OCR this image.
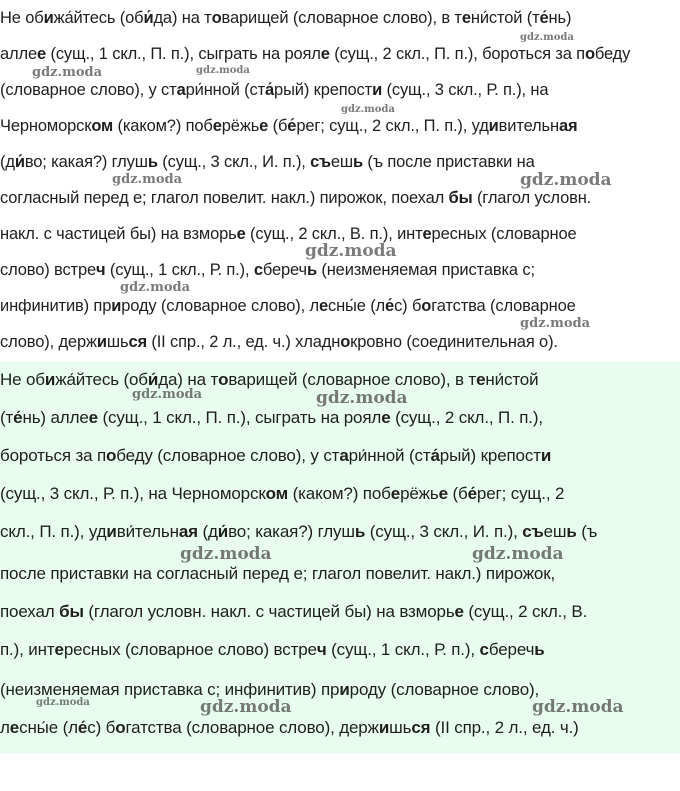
Не обижа́йтесь (оби́да) на товарищей (словарное слово), в тени́стой (те́нь)
аллее (сущ., 1 скл., П. п.), сыграть на рояле (сущ., 2 скл., П. п.), бороться за победу
(словарное слово), у стари́нной (ста́рый) крепости (сущ., 3 скл., Р. п.), на
Черноморском (каком?) поберёжье (бе́рег; сущ., 2 скл., П. п.), удивительная
(ди́во; какая?) глушь (сущ., 3 скл., И. п.), съешь (ъ после приставки на
согласный перед е; глагол повелит. накл.) пирожок, поехал бы (глагол условн.
накл. с частицей бы) на взморье (сущ., 2 скл., В. п.), интересных (словарное
слово) встреч (сущ., 1 скл., Р. п.), сберечь (неизменяемая приставка с;
инфинитив) природу (словарное слово), лесны́е (ле́с) богатства (словарное
слово), держишься (II спр., 2 л., ед. ч.) хладнокровно (соединительная о).
Не обижа́йтесь (оби́да) на товарищей (словарное слово), в тени́стой
(те́нь) аллее (сущ., 1 скл., П. п.), сыграть на рояле (сущ., 2 скл., П. п.),
бороться за победу (словарное слово), у стари́нной (ста́рый) крепости
(сущ., 3 скл., Р. п.), на Черноморском (каком?) поберёжье (бе́рег; сущ., 2
скл., П. п.), удиви́тельная (ди́во; какая?) глушь (сущ., 3 скл., И. п.), съешь (ъ
после приставки на согласный перед е; глагол повелит. накл.) пирожок,
поехал бы (глагол условн. накл. с частицей бы) на взморье (сущ., 2 скл., В.
п.), интересных (словарное слово) встреч (сущ., 1 скл., Р. п.), сберечь
(неизменяемая приставка с; инфинитив) природу (словарное слово),
лесны́е (ле́с) богатства (словарное слово), держишься (II спр., 2 л., ед. ч.)
gdz.moda
gdz.moda	gdz.moda
gdz.moda
gdz.moda	gdz.moda
gdz.moda
gdz.moda
gdz.moda
gdz.moda	gdz.moda
gdz.moda	gdz.moda
gdz.moda	gdz.moda	gdz.moda
